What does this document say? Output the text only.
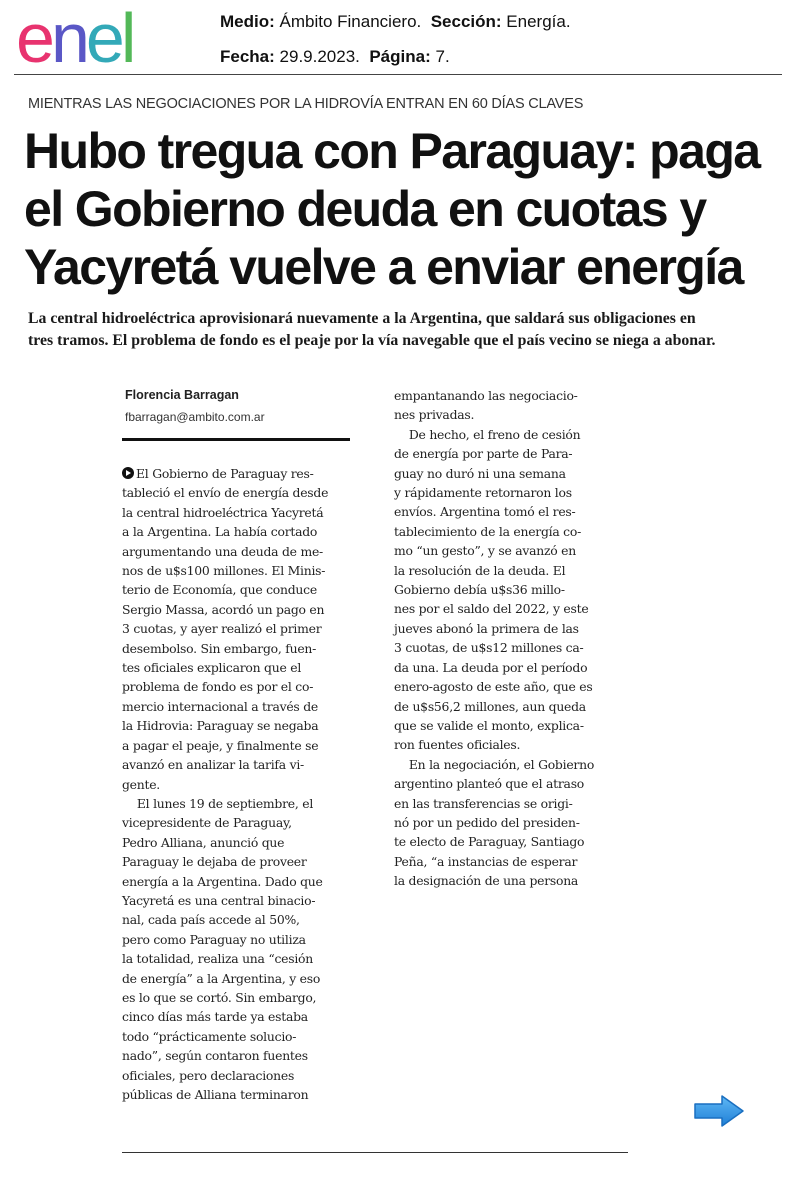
enel	Medio: Ámbito Financiero. Sección: Energía.
Fecha: 29.9.2023. Página: 7.
MIENTRAS LAS NEGOCIACIONES POR LA HIDROVÍA ENTRAN EN 60 DÍAS CLAVES
Hubo tregua con Paraguay: paga
el Gobierno deuda en cuotas y
Yacyretá vuelve a enviar energía

La central hidroeléctrica aprovisionará nuevamente a la Argentina, que saldará sus obligaciones en
tres tramos. El problema de fondo es el peaje por la vía navegable que el país vecino se niega a abonar.

Florencia Barragan
fbarragan@ambito.com.ar
El Gobierno de Paraguay res-
tableció el envío de energía desde
la central hidroeléctrica Yacyretá
a la Argentina. La había cortado
argumentando una deuda de me-
nos de u$s100 millones. El Minis-
terio de Economía, que conduce
Sergio Massa, acordó un pago en
3 cuotas, y ayer realizó el primer
desembolso. Sin embargo, fuen-
tes oficiales explicaron que el
problema de fondo es por el co-
mercio internacional a través de
la Hidrovia: Paraguay se negaba
a pagar el peaje, y finalmente se
avanzó en analizar la tarifa vi-
gente.
El lunes 19 de septiembre, el
vicepresidente de Paraguay,
Pedro Alliana, anunció que
Paraguay le dejaba de proveer
energía a la Argentina. Dado que
Yacyretá es una central binacio-
nal, cada país accede al 50%,
pero como Paraguay no utiliza
la totalidad, realiza una “cesión
de energía” a la Argentina, y eso
es lo que se cortó. Sin embargo,
cinco días más tarde ya estaba
todo “prácticamente solucio-
nado”, según contaron fuentes
oficiales, pero declaraciones
públicas de Alliana terminaron
empantanando las negociacio-
nes privadas.
De hecho, el freno de cesión
de energía por parte de Para-
guay no duró ni una semana
y rápidamente retornaron los
envíos. Argentina tomó el res-
tablecimiento de la energía co-
mo “un gesto”, y se avanzó en
la resolución de la deuda. El
Gobierno debía u$s36 millo-
nes por el saldo del 2022, y este
jueves abonó la primera de las
3 cuotas, de u$s12 millones ca-
da una. La deuda por el período
enero-agosto de este año, que es
de u$s56,2 millones, aun queda
que se valide el monto, explica-
ron fuentes oficiales.
En la negociación, el Gobierno
argentino planteó que el atraso
en las transferencias se origi-
nó por un pedido del presiden-
te electo de Paraguay, Santiago
Peña, “a instancias de esperar
la designación de una persona
